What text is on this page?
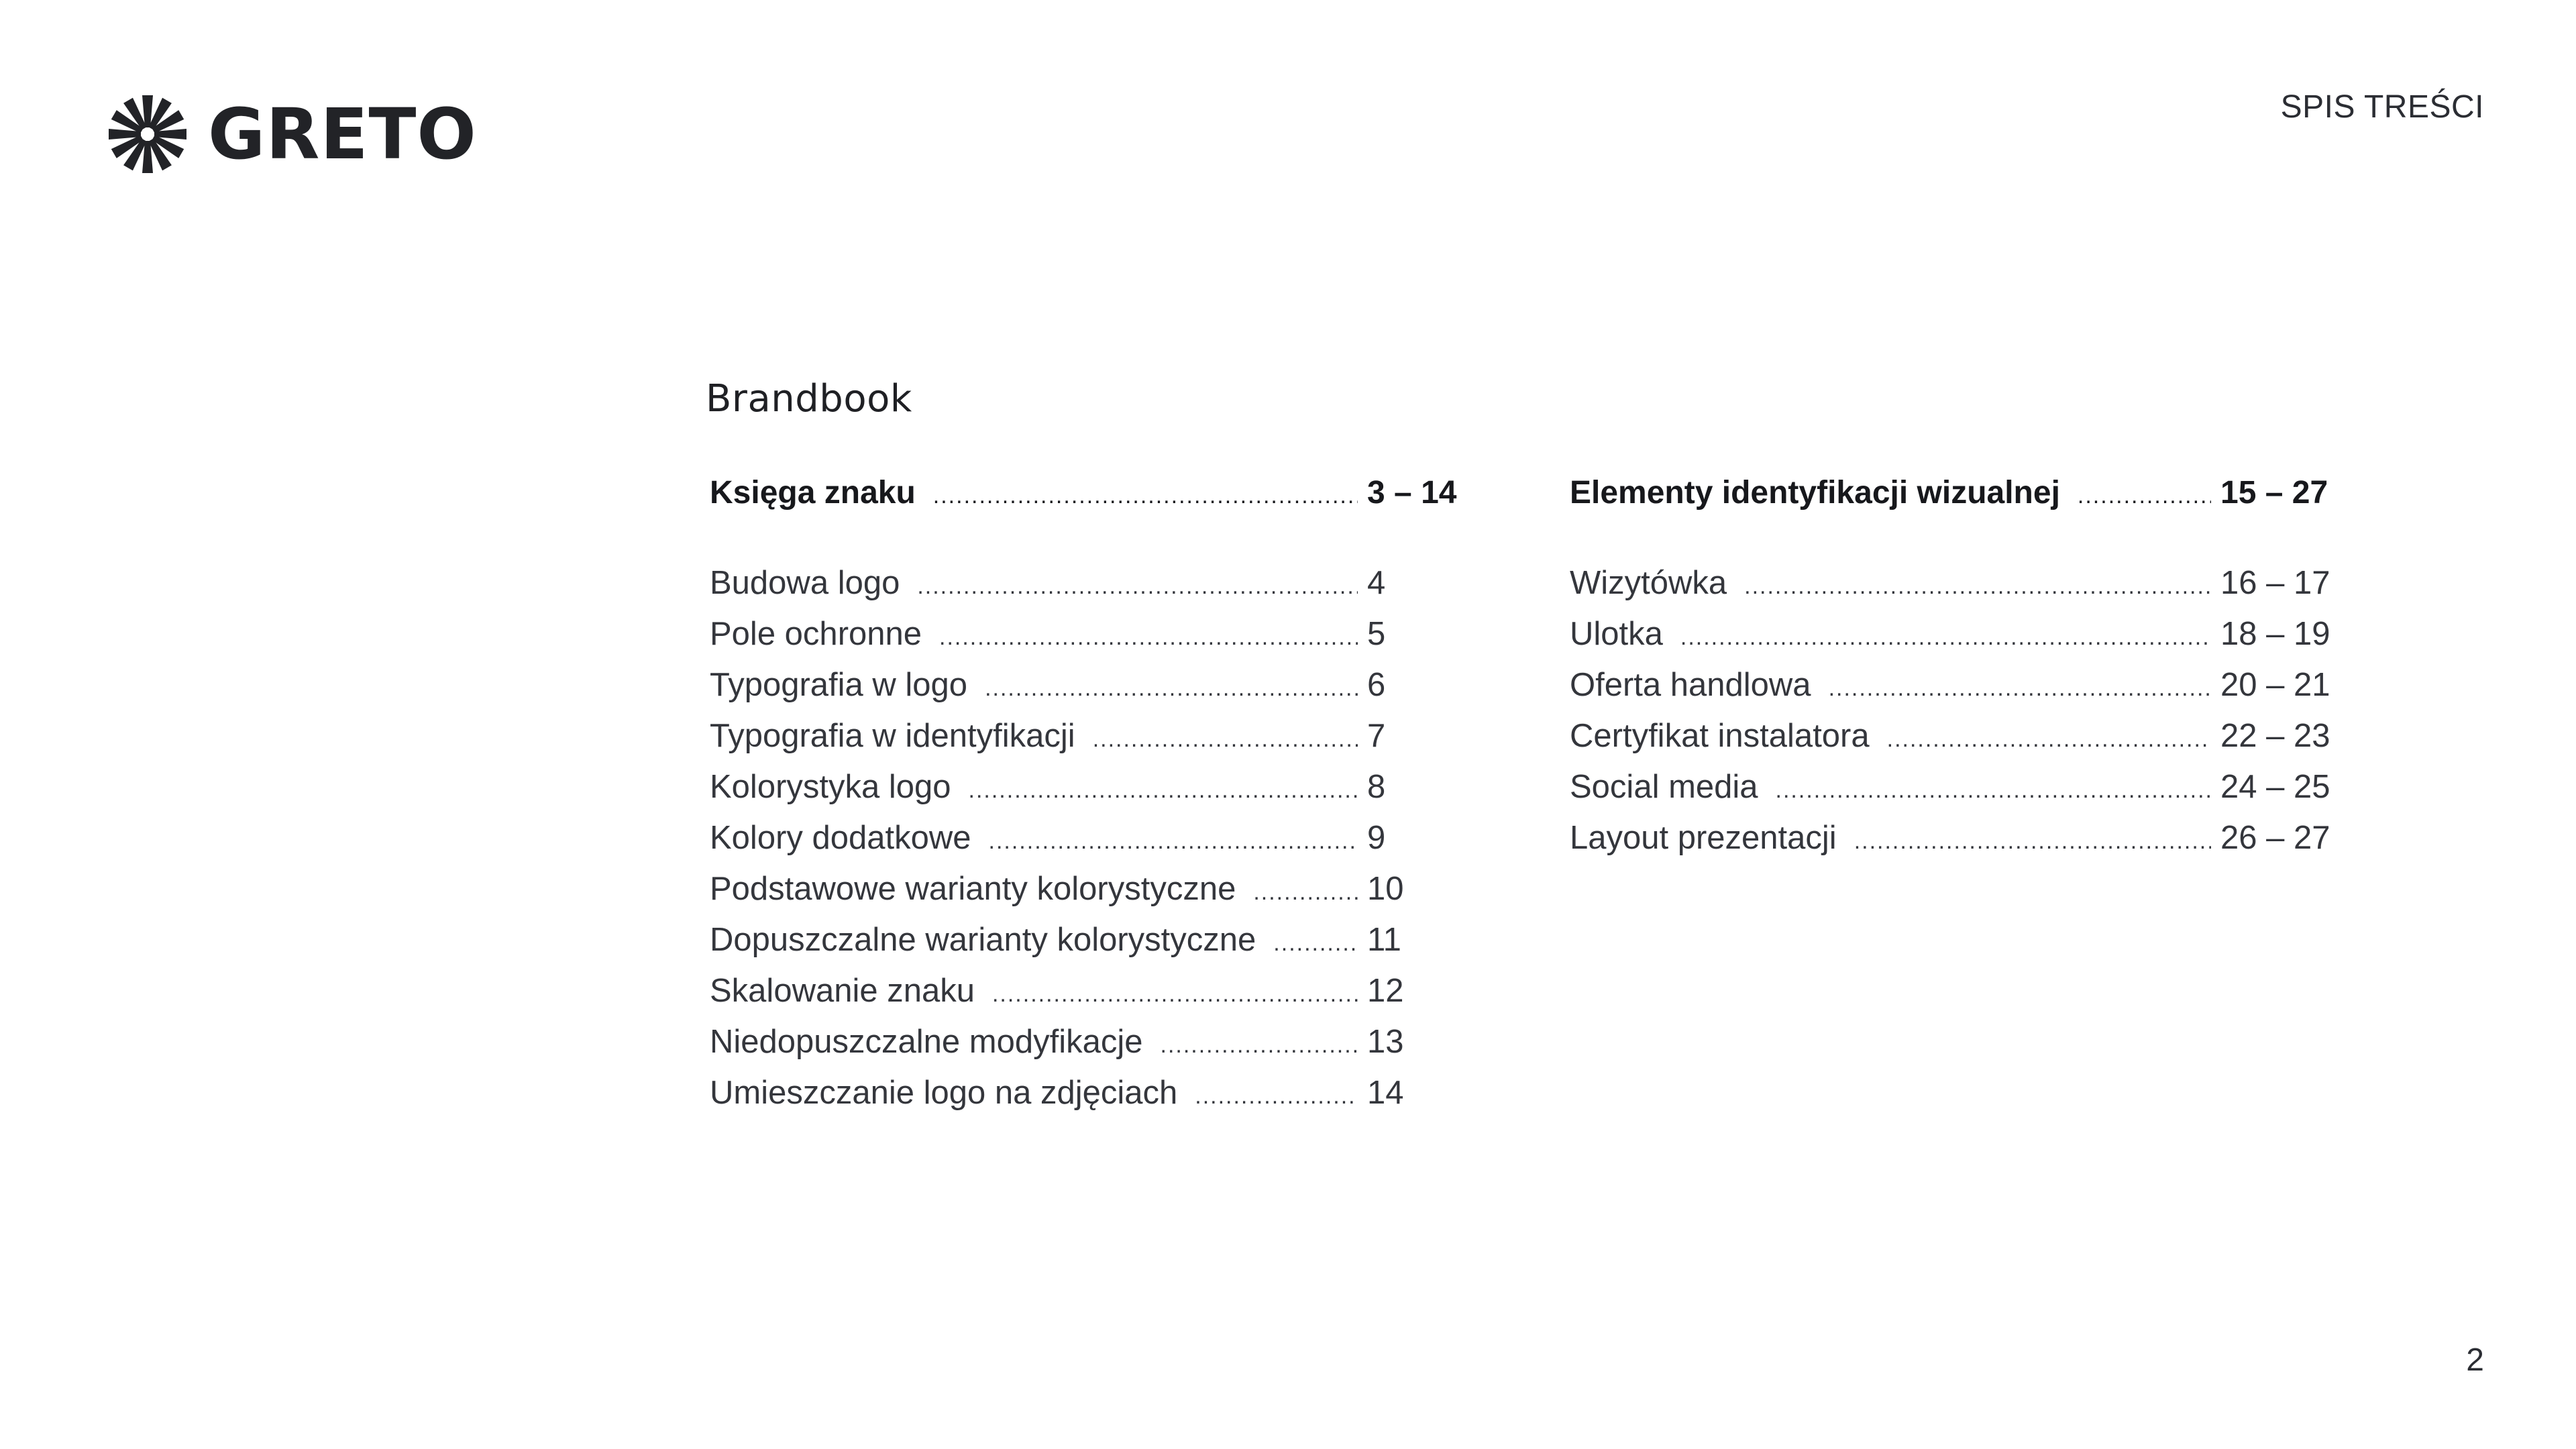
GRETO	SPIS TREŚCI
Brandbook
Księga znaku .....	3 – 14
Budowa logo .....	4
Pole ochronne .....	5
Typografia w logo .....	6
Typografia w identyfikacji .....	7
Kolorystyka logo .....	8
Kolory dodatkowe .....	9
Podstawowe warianty kolorystyczne .....	10
Dopuszczalne warianty kolorystyczne .....	11
Skalowanie znaku .....	12
Niedopuszczalne modyfikacje .....	13
Umieszczanie logo na zdjęciach .....	14
Elementy identyfikacji wizualnej .....	15 – 27
Wizytówka .....	16 – 17
Ulotka .....	18 – 19
Oferta handlowa .....	20 – 21
Certyfikat instalatora .....	22 – 23
Social media .....	24 – 25
Layout prezentacji .....	26 – 27
2
